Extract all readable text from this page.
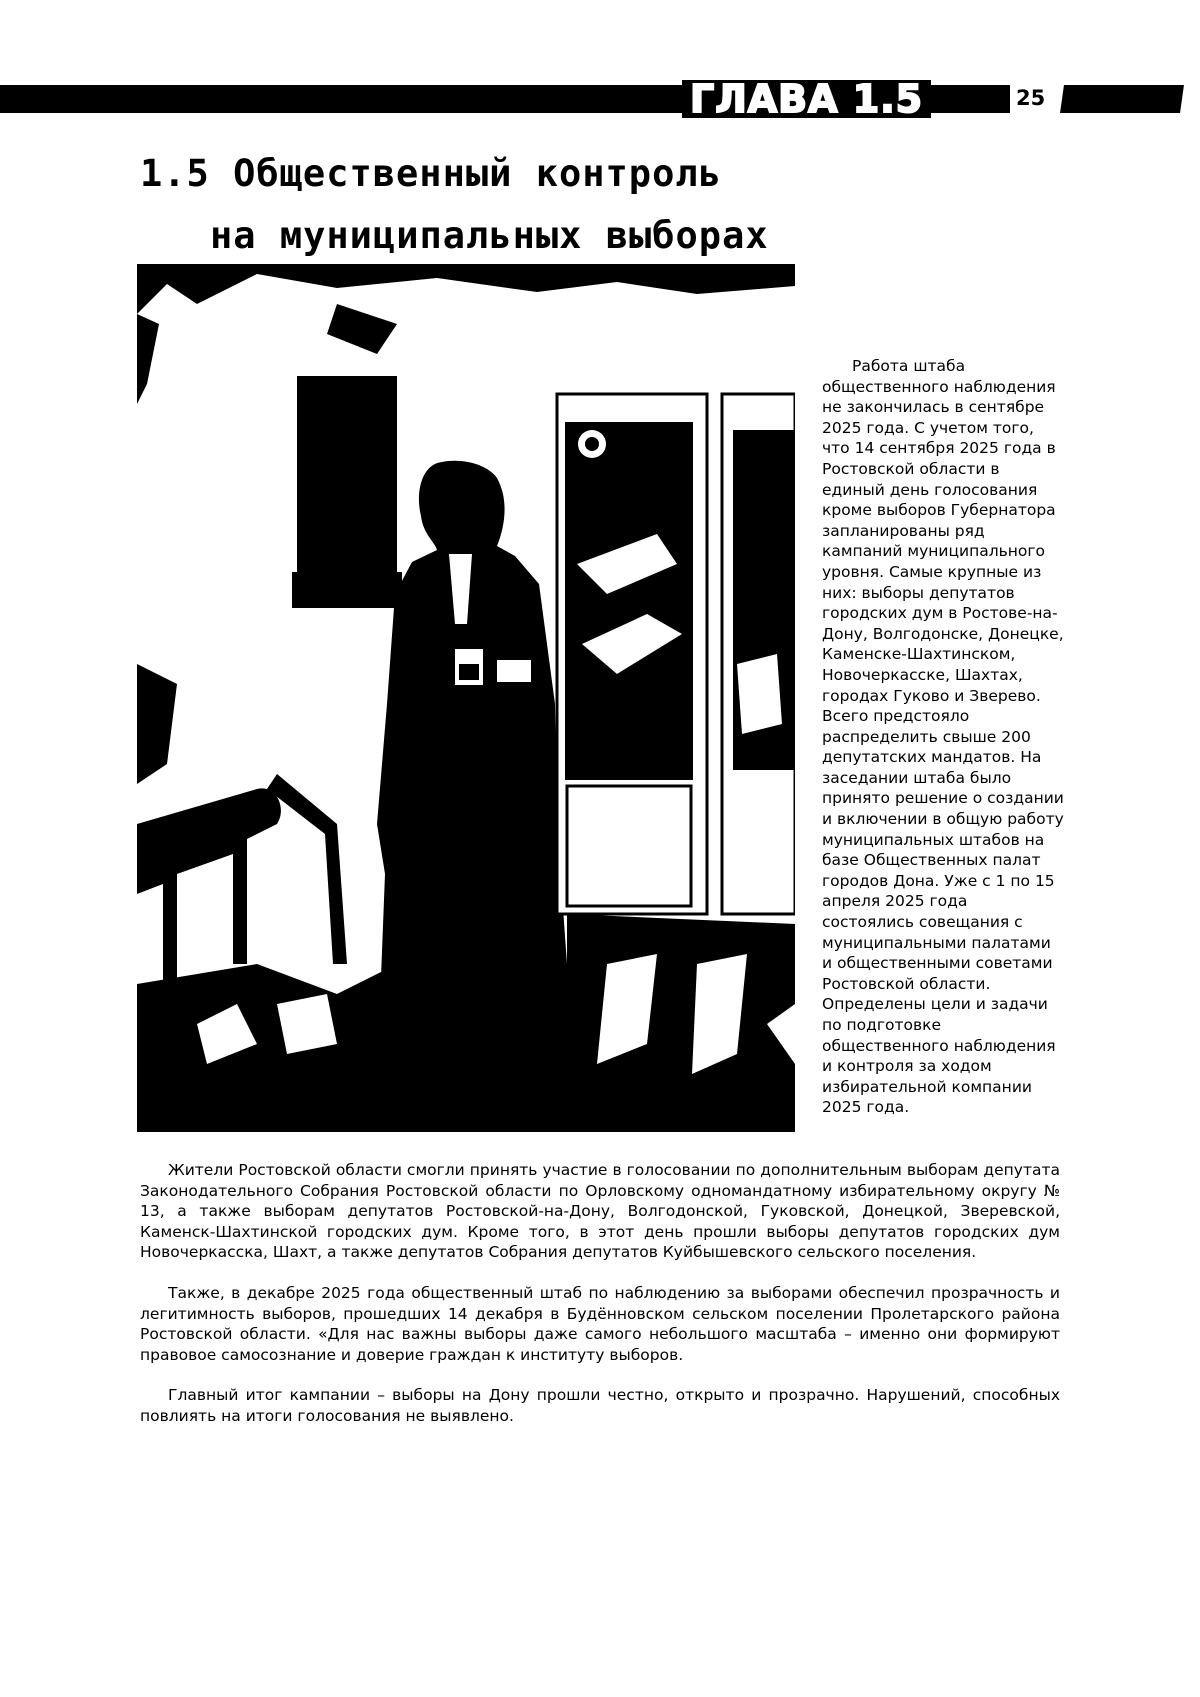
ГЛАВА 1.5	25
1.5 Общественный контроль
на муниципальных выборах
Работа штаба общественного наблюдения не закончилась в сентябре 2025 года. С учетом того, что 14 сентября 2025 года в Ростовской области в единый день голосования кроме выборов Губернатора запланированы ряд кампаний муниципального уровня. Самые крупные из них: выборы депутатов городских дум в Ростове-на-Дону, Волгодонске, Донецке, Каменске-Шахтинском, Новочеркасске, Шахтах, городах Гуково и Зверево. Всего предстояло распределить свыше 200 депутатских мандатов. На заседании штаба было принято решение о создании и включении в общую работу муниципальных штабов на базе Общественных палат городов Дона. Уже с 1 по 15 апреля 2025 года состоялись совещания с муниципальными палатами и общественными советами Ростовской области. Определены цели и задачи по подготовке общественного наблюдения и контроля за ходом избирательной компании 2025 года.

Жители Ростовской области смогли принять участие в голосовании по дополнительным выборам депутата Законодательного Собрания Ростовской области по Орловскому одномандатному избирательному округу № 13, а также выборам депутатов Ростовской-на-Дону, Волгодонской, Гуковской, Донецкой, Зверевской, Каменск-Шахтинской городских дум. Кроме того, в этот день прошли выборы депутатов городских дум Новочеркасска, Шахт, а также депутатов Собрания депутатов Куйбышевского сельского поселения.

Также, в декабре 2025 года общественный штаб по наблюдению за выборами обеспечил прозрачность и легитимность выборов, прошедших 14 декабря в Будённовском сельском поселении Пролетарского района Ростовской области. «Для нас важны выборы даже самого небольшого масштаба – именно они формируют правовое самосознание и доверие граждан к институту выборов.

Главный итог кампании – выборы на Дону прошли честно, открыто и прозрачно. Нарушений, способных повлиять на итоги голосования не выявлено.
